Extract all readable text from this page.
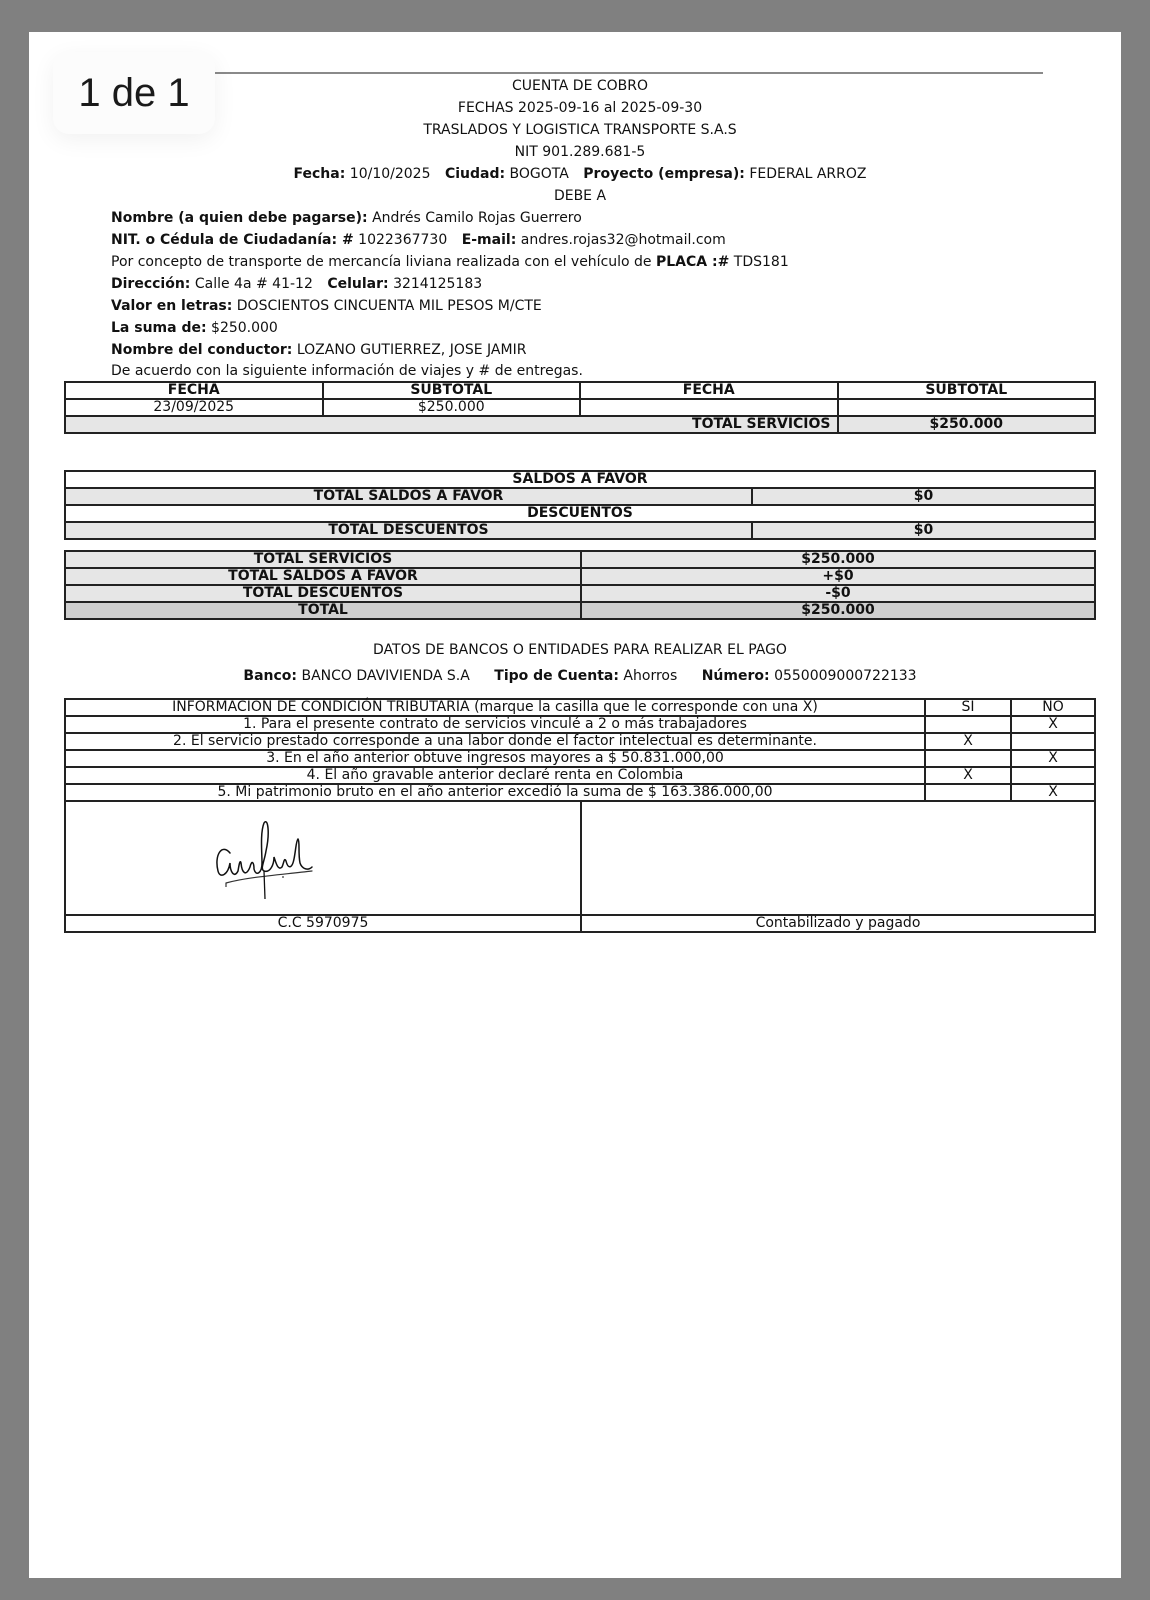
1 de 1	CUENTA DE COBRO
FECHAS 2025-09-16 al 2025-09-30
TRASLADOS Y LOGISTICA TRANSPORTE S.A.S
NIT 901.289.681-5
Fecha: 10/10/2025 Ciudad: BOGOTA Proyecto (empresa): FEDERAL ARROZ
DEBE A
Nombre (a quien debe pagarse): Andrés Camilo Rojas Guerrero
NIT. o Cédula de Ciudadanía: # 1022367730 E-mail: andres.rojas32@hotmail.com
Por concepto de transporte de mercancía liviana realizada con el vehículo de PLACA :# TDS181
Dirección: Calle 4a # 41-12 Celular: 3214125183
Valor en letras: DOSCIENTOS CINCUENTA MIL PESOS M/CTE
La suma de: $250.000
Nombre del conductor: LOZANO GUTIERREZ, JOSE JAMIR
De acuerdo con la siguiente información de viajes y # de entregas.
FECHA	SUBTOTAL	FECHA	SUBTOTAL
23/09/2025	$250.000		
TOTAL SERVICIOS			$250.000
SALDOS A FAVOR	
TOTAL SALDOS A FAVOR	$0
DESCUENTOS	
TOTAL DESCUENTOS	$0
TOTAL SERVICIOS	$250.000
TOTAL SALDOS A FAVOR	+$0
TOTAL DESCUENTOS	-$0
TOTAL	$250.000
DATOS DE BANCOS O ENTIDADES PARA REALIZAR EL PAGO
Banco: BANCO DAVIVIENDA S.A Tipo de Cuenta: Ahorros Número: 0550009000722133
INFORMACION DE CONDICIÓN TRIBUTARIA (marque la casilla que le corresponde con una X)		SI	NO
1. Para el presente contrato de servicios vinculé a 2 o más trabajadores			X
2. El servicio prestado corresponde a una labor donde el factor intelectual es determinante.		X	
3. En el año anterior obtuve ingresos mayores a $ 50.831.000,00			X
4. El año gravable anterior declaré renta en Colombia		X	
5. Mi patrimonio bruto en el año anterior excedió la suma de $ 163.386.000,00			X

C.C 5970975	Contabilizado y pagado		
